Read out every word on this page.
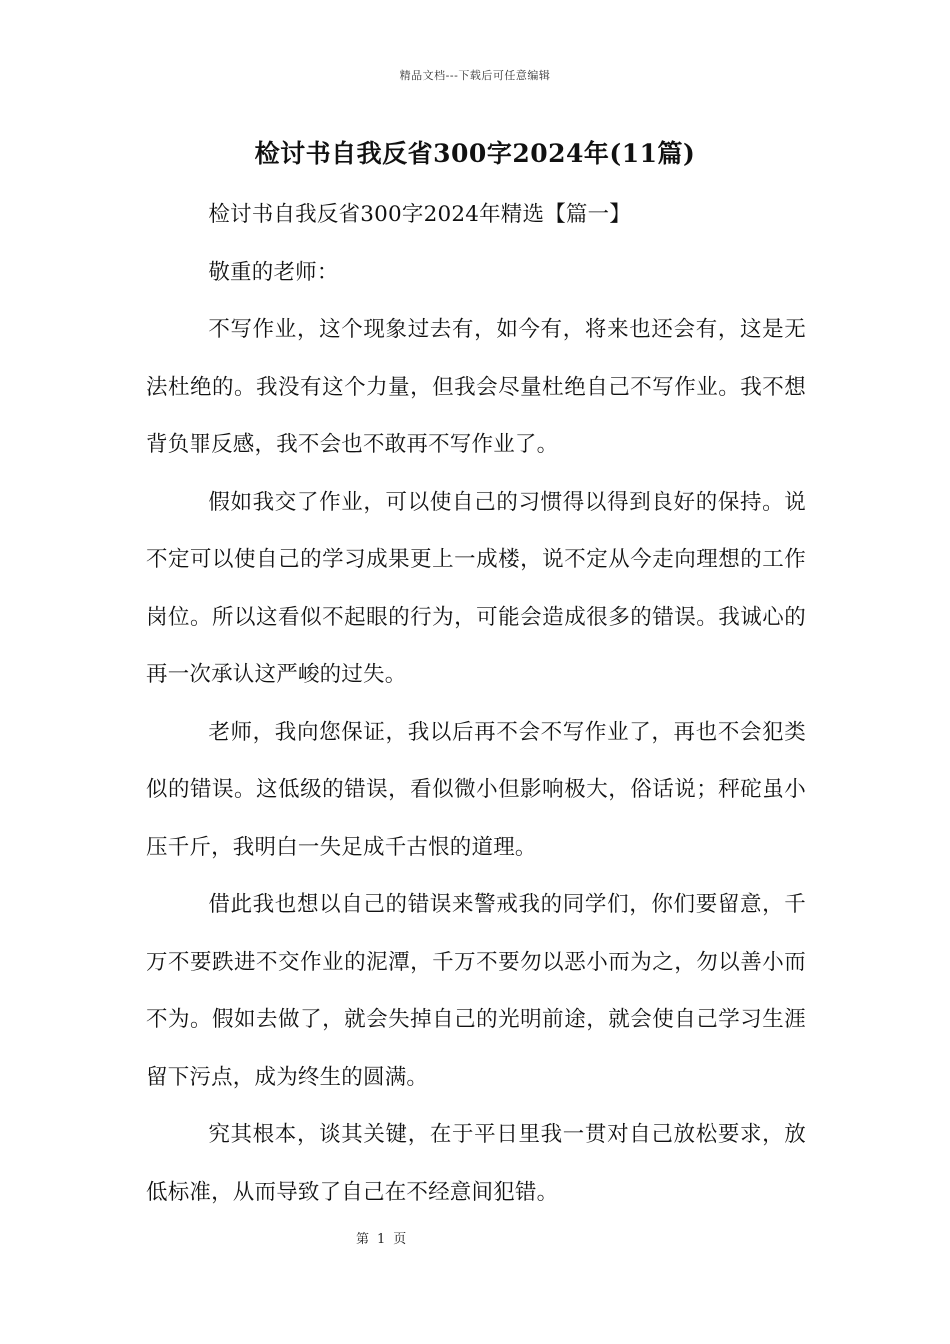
精品文档---下载后可任意编辑
检讨书自我反省300字2024年(11篇)

检讨书自我反省300字2024年精选【篇一】

敬重的老师：

不写作业，这个现象过去有，如今有，将来也还会有，这是无法杜绝的。我没有这个力量，但我会尽量杜绝自己不写作业。我不想背负罪反感，我不会也不敢再不写作业了。

假如我交了作业，可以使自己的习惯得以得到良好的保持。说不定可以使自己的学习成果更上一成楼，说不定从今走向理想的工作岗位。所以这看似不起眼的行为，可能会造成很多的错误。我诚心的再一次承认这严峻的过失。

老师，我向您保证，我以后再不会不写作业了，再也不会犯类似的错误。这低级的错误，看似微小但影响极大，俗话说；秤砣虽小压千斤，我明白一失足成千古恨的道理。

借此我也想以自己的错误来警戒我的同学们，你们要留意，千万不要跌进不交作业的泥潭，千万不要勿以恶小而为之，勿以善小而不为。假如去做了，就会失掉自己的光明前途，就会使自己学习生涯留下污点，成为终生的圆满。

究其根本，谈其关键，在于平日里我一贯对自己放松要求，放低标准，从而导致了自己在不经意间犯错。

第 1 页
